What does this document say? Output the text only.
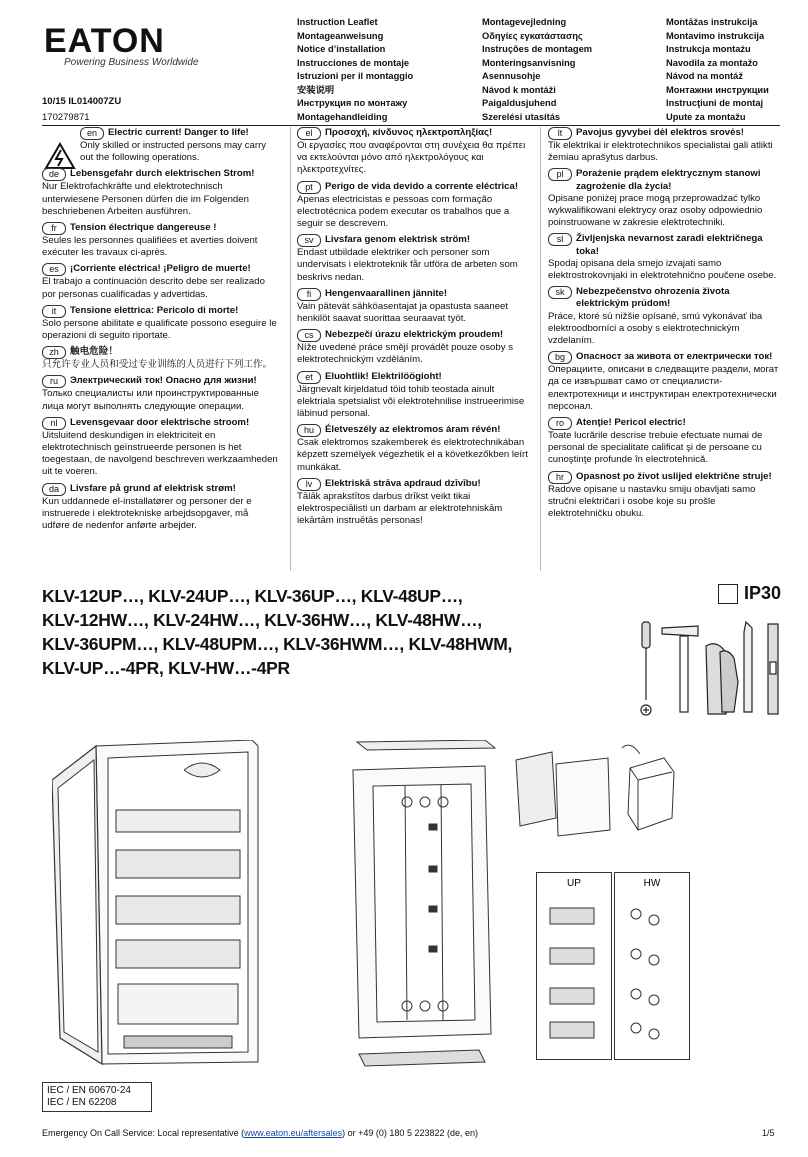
EATON
Powering Business Worldwide
10/15 IL014007ZU
170279871
Instruction Leaflet
Montageanweisung
Notice d’installation
Instrucciones de montaje
Istruzioni per il montaggio
安装说明
Инструкция по монтажу
Montagehandleiding
Montagevejledning
Οδηγίες εγκατάστασης
Instruções de montagem
Monteringsanvisning
Asennusohje
Návod k montáži
Paigaldusjuhend
Szerelési utasítás
Montāžas instrukcija
Montavimo instrukcija
Instrukcja montażu
Navodila za montažo
Návod na montáž
Монтажни инструкции
Instrucţiuni de montaj
Upute za montažu
en	Electric current! Danger to life!

Only skilled or instructed persons may carry out the following operations.

de	Lebensgefahr durch elektrischen Strom!

Nur Elektrofachkräfte und elektrotechnisch unterwiesene Personen dürfen die im Folgenden beschriebenen Arbeiten ausführen.

fr	Tension électrique dangereuse !

Seules les personnes qualifiées et averties doivent exécuter les travaux ci-après.

es	¡Corriente eléctrica! ¡Peligro de muerte!

El trabajo a continuación descrito debe ser realizado por personas cualificadas y advertidas.

it	Tensione elettrica: Pericolo di morte!

Solo persone abilitate e qualificate possono eseguire le operazioni di seguito riportate.

zh	触电危险！

只允许专业人员和受过专业训练的人员进行下列工作。

ru	Электрический ток! Опасно для жизни!

Только специалисты или проинструктированные лица могут выполнять следующие операции.

nl	Levensgevaar door elektrische stroom!

Uitsluitend deskundigen in elektriciteit en elektrotechnisch geïnstrueerde personen is het toegestaan, de navolgend beschreven werkzaamheden uit te voeren.

da	Livsfare på grund af elektrisk strøm!

Kun uddannede el-installatører og personer der e instruerede i elektrotekniske arbejdsopgaver, må udføre de nedenfor anførte arbejder.

el	Προσοχή, κίνδυνος ηλεκτροπληξίας!

Οι εργασίες που αναφέρονται στη συνέχεια θα πρέπει να εκτελούνται μόνο από ηλεκτρολόγους και ηλεκτροτεχνίτες.

pt	Perigo de vida devido a corrente eléctrica!

Apenas electricistas e pessoas com formação electrotécnica podem executar os trabalhos que a seguir se descrevem.

sv	Livsfara genom elektrisk ström!

Endast utbildade elektriker och personer som undervisats i elektroteknik får utföra de arbeten som beskrivs nedan.

fi	Hengenvaarallinen jännite!

Vain pätevät sähköasentajat ja opastusta saaneet henkilöt saavat suorittaa seuraavat työt.

cs	Nebezpečí úrazu elektrickým proudem!

Níže uvedené práce smějí provádět pouze osoby s elektrotechnickým vzděláním.

et	Eluohtlik! Elektrilöögioht!

Järgnevalt kirjeldatud töid tohib teostada ainult elektriala spetsialist või elektrotehnilise instrueerimise läbinud personal.

hu	Életveszély az elektromos áram révén!

Csak elektromos szakemberek és elektrotechnikában képzett személyek végezhetik el a következőkben leírt munkákat.

lv	Elektriskā strāva apdraud dzīvību!

Tālāk aprakstītos darbus drīkst veikt tikai elektrospeciālisti un darbam ar elektrotehniskām iekārtām instruētās personas!

lt	Pavojus gyvybei dėl elektros srovės!

Tik elektrikai ir elektrotechnikos specialistai gali atlikti žemiau aprašytus darbus.

pl	Porażenie prądem elektrycznym stanowi zagrożenie dla życia!

Opisane poniżej prace mogą przeprowadzać tylko wykwalifikowani elektrycy oraz osoby odpowiednio poinstruowane w zakresie elektrotechniki.

sl	Življenjska nevarnost zaradi električnega toka!

Spodaj opisana dela smejo izvajati samo elektrostrokovnjaki in elektrotehnično poučene osebe.

sk	Nebezpečenstvo ohrozenia života elektrickým prúdom!

Práce, ktoré sú nižšie opísané, smú vykonávať iba elektroodborníci a osoby s elektrotechnickým vzdelaním.

bg	Опасност за живота от електрически ток!

Операциите, описани в следващите раздели, могат да се извършват само от специалисти-електротехници и инструктиран електротехнически персонал.

ro	Atenţie! Pericol electric!

Toate lucrările descrise trebuie efectuate numai de personal de specialitate calificat şi de persoane cu cunoştinţe profunde în electrotehnică.

hr	Opasnost po život uslijed električne struje!

Radove opisane u nastavku smiju obavljati samo stručni električari i osobe koje su prošle elektrotehničku obuku.

KLV-12UP…, KLV-24UP…, KLV-36UP…, KLV-48UP…,
KLV-12HW…, KLV-24HW…, KLV-36HW…, KLV-48HW…,
KLV-36UPM…, KLV-48UPM…, KLV-36HWM…, KLV-48HWM,
KLV-UP…-4PR, KLV-HW…-4PR
IP30
UP	HW
IEC / EN 60670-24
IEC / EN 62208
Emergency On Call Service: Local representative (www.eaton.eu/aftersales) or +49 (0) 180 5 223822 (de, en)	1/5
